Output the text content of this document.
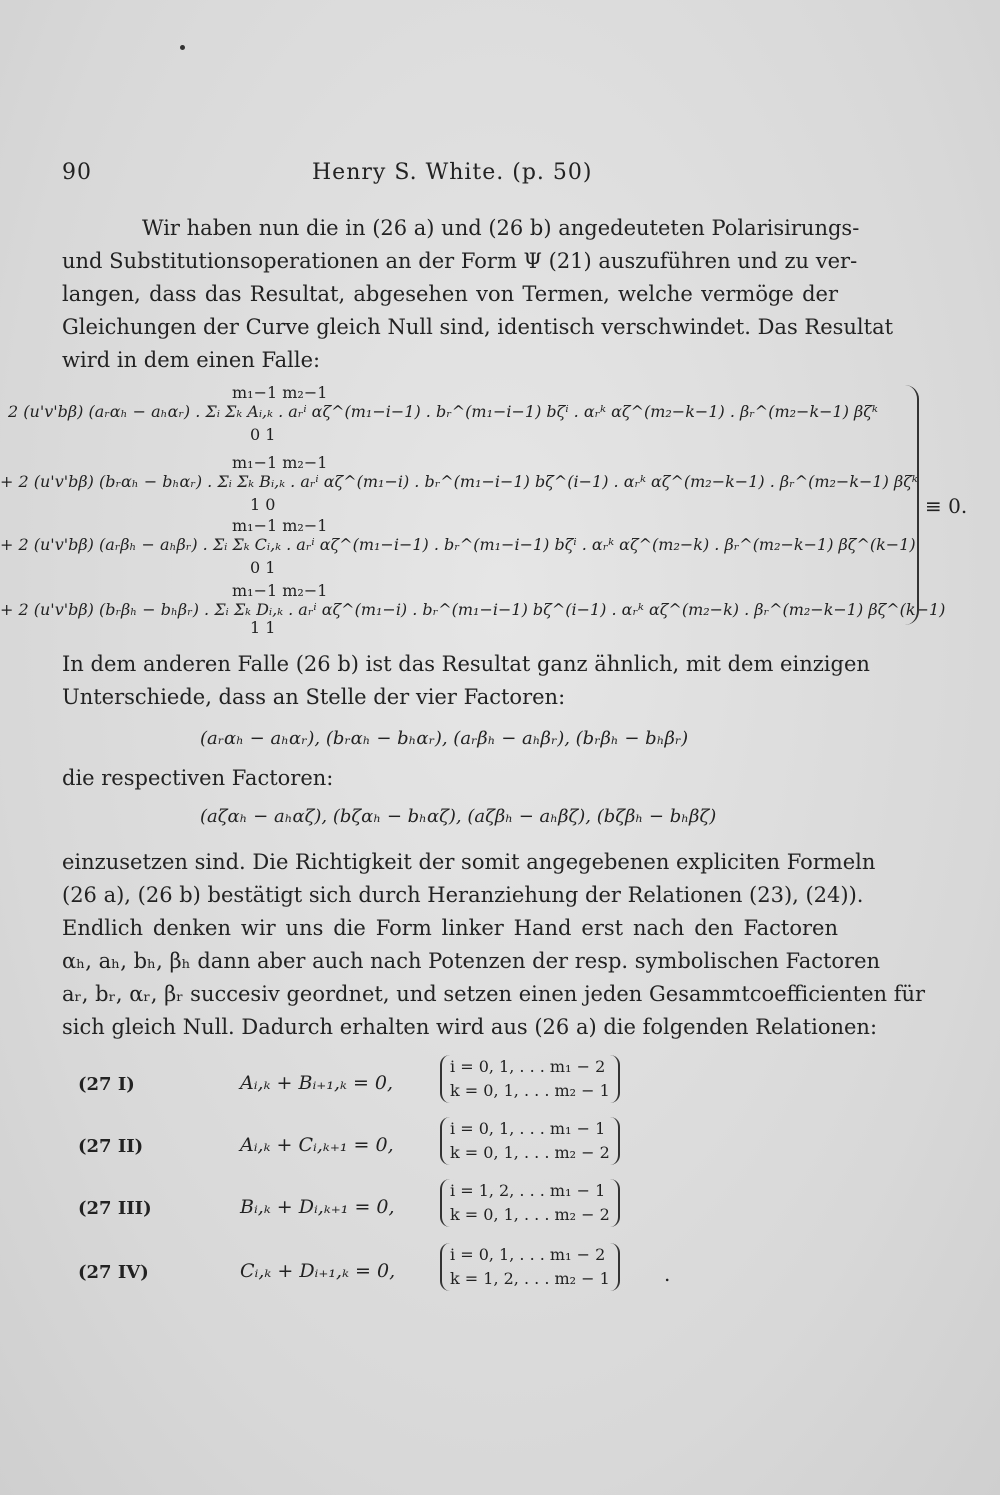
90	Henry S. White. (p. 50)
Wir haben nun die in (26 a) und (26 b) angedeuteten Polarisirungs-
und Substitutionsoperationen an der Form Ψ (21) auszuführen und zu ver-
langen, dass das Resultat, abgesehen von Termen, welche vermöge der
Gleichungen der Curve gleich Null sind, identisch verschwindet. Das Resultat
wird in dem einen Falle:
m₁−1 m₂−1
2 (u'v'bβ) (aᵣαₕ − aₕαᵣ) . Σᵢ Σₖ Aᵢ,ₖ . aᵣⁱ αζ^(m₁−i−1) . bᵣ^(m₁−i−1) bζⁱ . αᵣᵏ αζ^(m₂−k−1) . βᵣ^(m₂−k−1) βζᵏ
0 1
m₁−1 m₂−1
+ 2 (u'v'bβ) (bᵣαₕ − bₕαᵣ) . Σᵢ Σₖ Bᵢ,ₖ . aᵣⁱ αζ^(m₁−i) . bᵣ^(m₁−i−1) bζ^(i−1) . αᵣᵏ αζ^(m₂−k−1) . βᵣ^(m₂−k−1) βζᵏ
1 0
m₁−1 m₂−1
+ 2 (u'v'bβ) (aᵣβₕ − aₕβᵣ) . Σᵢ Σₖ Cᵢ,ₖ . aᵣⁱ αζ^(m₁−i−1) . bᵣ^(m₁−i−1) bζⁱ . αᵣᵏ αζ^(m₂−k) . βᵣ^(m₂−k−1) βζ^(k−1)
0 1
m₁−1 m₂−1
+ 2 (u'v'bβ) (bᵣβₕ − bₕβᵣ) . Σᵢ Σₖ Dᵢ,ₖ . aᵣⁱ αζ^(m₁−i) . bᵣ^(m₁−i−1) bζ^(i−1) . αᵣᵏ αζ^(m₂−k) . βᵣ^(m₂−k−1) βζ^(k−1)
1 1
≡ 0.
In dem anderen Falle (26 b) ist das Resultat ganz ähnlich, mit dem einzigen
Unterschiede, dass an Stelle der vier Factoren:
(aᵣαₕ − aₕαᵣ), (bᵣαₕ − bₕαᵣ), (aᵣβₕ − aₕβᵣ), (bᵣβₕ − bₕβᵣ)
die respectiven Factoren:
(aζαₕ − aₕαζ), (bζαₕ − bₕαζ), (aζβₕ − aₕβζ), (bζβₕ − bₕβζ)
einzusetzen sind. Die Richtigkeit der somit angegebenen expliciten Formeln
(26 a), (26 b) bestätigt sich durch Heranziehung der Relationen (23), (24)).
Endlich denken wir uns die Form linker Hand erst nach den Factoren
αₕ, aₕ, bₕ, βₕ dann aber auch nach Potenzen der resp. symbolischen Factoren
aᵣ, bᵣ, αᵣ, βᵣ succesiv geordnet, und setzen einen jeden Gesammtcoefficienten für
sich gleich Null. Dadurch erhalten wird aus (26 a) die folgenden Relationen:
(27 I)	Aᵢ,ₖ + Bᵢ₊₁,ₖ = 0,
i = 0, 1, . . . m₁ − 2
k = 0, 1, . . . m₂ − 1
(27 II)	Aᵢ,ₖ + Cᵢ,ₖ₊₁ = 0,
i = 0, 1, . . . m₁ − 1
k = 0, 1, . . . m₂ − 2
(27 III)	Bᵢ,ₖ + Dᵢ,ₖ₊₁ = 0,
i = 1, 2, . . . m₁ − 1
k = 0, 1, . . . m₂ − 2
(27 IV)	Cᵢ,ₖ + Dᵢ₊₁,ₖ = 0,
i = 0, 1, . . . m₁ − 2
k = 1, 2, . . . m₂ − 1	.
